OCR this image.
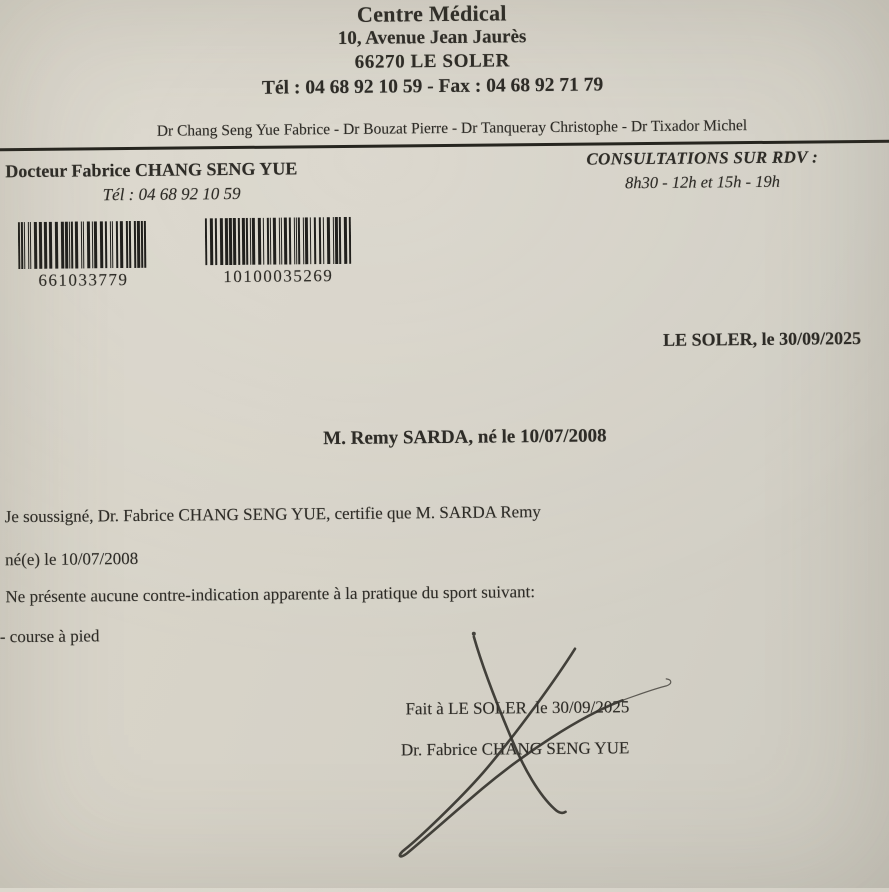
Centre Médical
10, Avenue Jean Jaurès
66270 LE SOLER
Tél : 04 68 92 10 59 - Fax : 04 68 92 71 79
Dr Chang Seng Yue Fabrice - Dr Bouzat Pierre - Dr Tanqueray Christophe - Dr Tixador Michel
Docteur Fabrice CHANG SENG YUE
Tél : 04 68 92 10 59
CONSULTATIONS SUR RDV :
8h30 - 12h et 15h - 19h
661033779	10100035269
LE SOLER, le 30/09/2025
M. Remy SARDA, né le 10/07/2008
Je soussigné, Dr. Fabrice CHANG SENG YUE, certifie que M. SARDA Remy
né(e) le 10/07/2008
Ne présente aucune contre-indication apparente à la pratique du sport suivant:
- course à pied
Fait à LE SOLER  le 30/09/2025
Dr. Fabrice CHANG SENG YUE
